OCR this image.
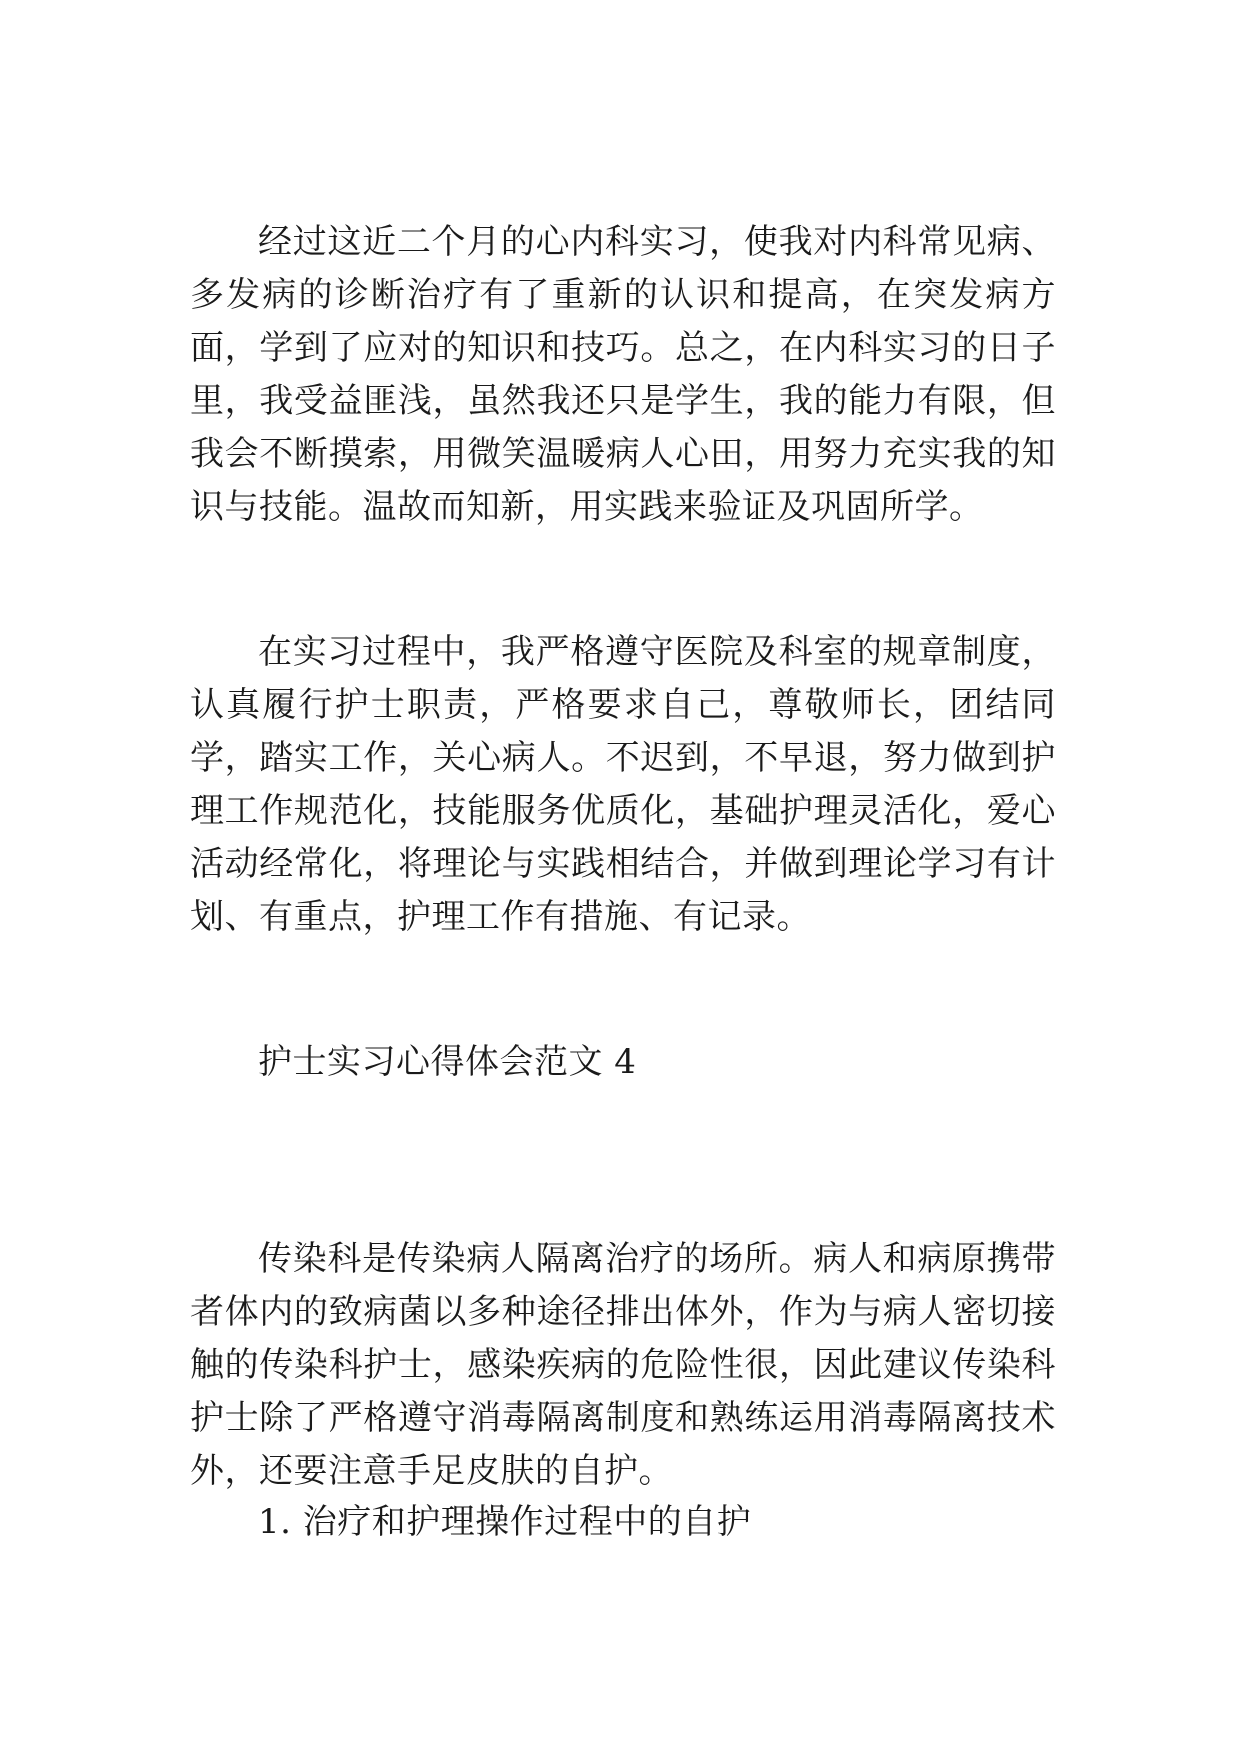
经过这近二个月的心内科实习，使我对内科常见病、多发病的诊断治疗有了重新的认识和提高，在突发病方面，学到了应对的知识和技巧。总之，在内科实习的日子里，我受益匪浅，虽然我还只是学生，我的能力有限，但我会不断摸索，用微笑温暖病人心田，用努力充实我的知识与技能。温故而知新，用实践来验证及巩固所学。

在实习过程中，我严格遵守医院及科室的规章制度，认真履行护士职责，严格要求自己，尊敬师长，团结同学，踏实工作，关心病人。不迟到，不早退，努力做到护理工作规范化，技能服务优质化，基础护理灵活化，爱心活动经常化，将理论与实践相结合，并做到理论学习有计划、有重点，护理工作有措施、有记录。

护士实习心得体会范文 4

传染科是传染病人隔离治疗的场所。病人和病原携带者体内的致病菌以多种途径排出体外，作为与病人密切接触的传染科护士，感染疾病的危险性很，因此建议传染科护士除了严格遵守消毒隔离制度和熟练运用消毒隔离技术外，还要注意手足皮肤的自护。

1. 治疗和护理操作过程中的自护
